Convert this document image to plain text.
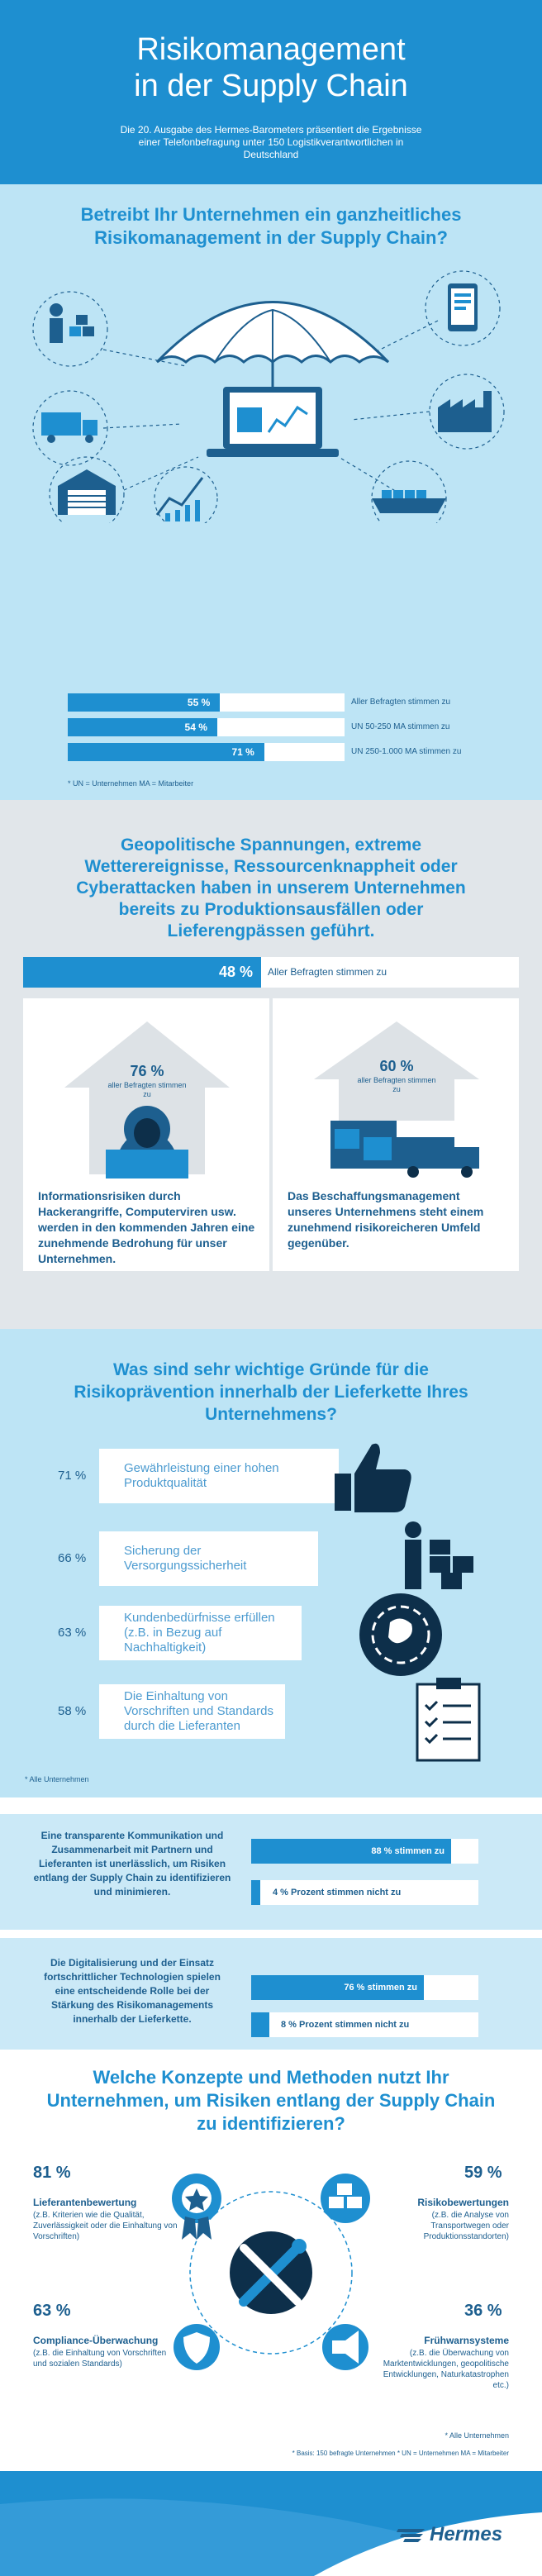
Risikomanagement
in der Supply Chain

Die 20. Ausgabe des Hermes-Barometers präsentiert die Ergebnisse einer Telefonbefragung unter 150 Logistikverantwortlichen in Deutschland

Betreibt Ihr Unternehmen ein ganzheitliches Risikomanagement in der Supply Chain?
55 %	Aller Befragten stimmen zu
54 %	UN 50-250 MA stimmen zu
71 %	UN 250-1.000 MA stimmen zu
* UN = Unternehmen MA = Mitarbeiter
Geopolitische Spannungen, extreme Wetterereignisse, Ressourcenknappheit oder Cyberattacken haben in unserem Unternehmen bereits zu Produktionsausfällen oder Lieferengpässen geführt.
48 %	Aller Befragten stimmen zu
76 %
aller Befragten stimmen zu
Informationsrisiken durch Hackerangriffe, Computerviren usw. werden in den kommenden Jahren eine zunehmende Bedrohung für unser Unternehmen.
60 %
aller Befragten stimmen zu
Das Beschaffungsmanagement unseres Unternehmens steht einem zunehmend risikoreicheren Umfeld gegenüber.
Was sind sehr wichtige Gründe für die Risikoprävention innerhalb der Lieferkette Ihres Unternehmens?
71 %
Gewährleistung einer hohen Produktqualität
66 %
Sicherung der Versorgungssicherheit
63 %
Kundenbedürfnisse erfüllen (z.B. in Bezug auf Nachhaltigkeit)
58 %
Die Einhaltung von Vorschriften und Standards durch die Lieferanten
* Alle Unternehmen
Eine transparente Kommunikation und Zusammenarbeit mit Partnern und Lieferanten ist unerlässlich, um Risiken entlang der Supply Chain zu identifizieren und minimieren.
88 % stimmen zu
4 % Prozent stimmen nicht zu
Die Digitalisierung und der Einsatz fortschrittlicher Technologien spielen eine entscheidende Rolle bei der Stärkung des Risikomanagements innerhalb der Lieferkette.
76 % stimmen zu
8 % Prozent stimmen nicht zu
Welche Konzepte und Methoden nutzt Ihr Unternehmen, um Risiken entlang der Supply Chain zu identifizieren?
81 %
Lieferantenbewertung
(z.B. Kriterien wie die Qualität, Zuverlässigkeit oder die Einhaltung von Vorschriften)
59 %
Risikobewertungen
(z.B. die Analyse von Transportwegen oder Produktionsstandorten)
63 %
Compliance-Überwachung
(z.B. die Einhaltung von Vorschriften und sozialen Standards)
36 %
Frühwarnsysteme
(z.B. die Überwachung von Marktentwicklungen, geopolitische Entwicklungen, Naturkatastrophen etc.)
* Alle Unternehmen
* Basis: 150 befragte Unternehmen * UN = Unternehmen MA = Mitarbeiter
Hermes
